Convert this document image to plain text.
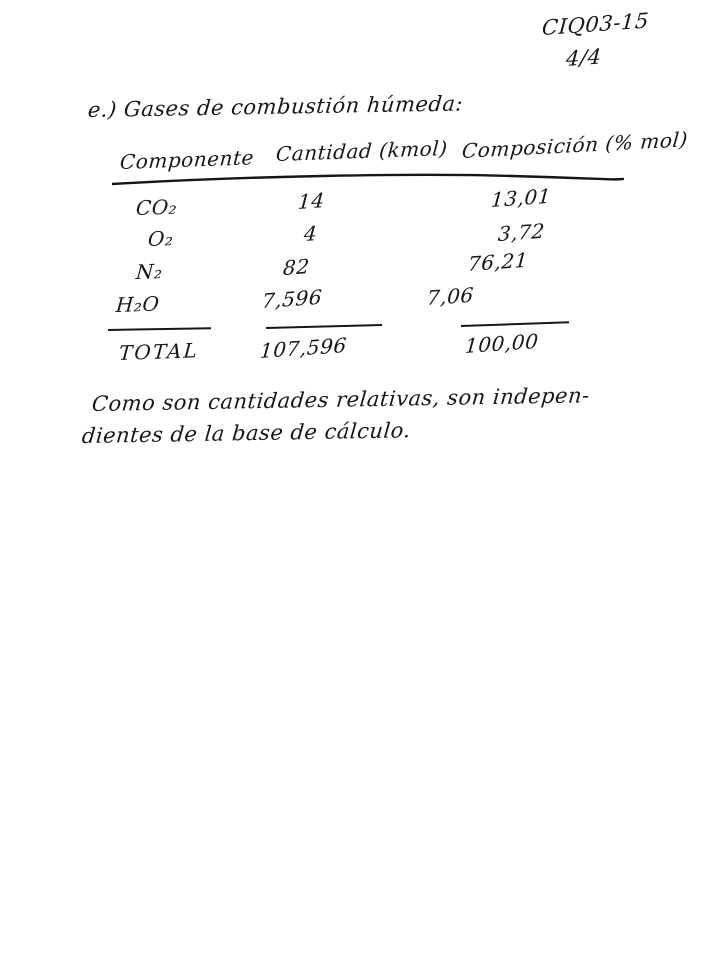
CIQ03-15
4/4
e.) Gases de combustión húmeda:
Componente Cantidad (kmol) Composición (% mol)
CO₂	14	13,01
O₂	4	3,72
N₂	82	76,21
H₂O	7,596	7,06
TOTAL	107,596	100,00
Como son cantidades relativas, son indepen-
dientes de la base de cálculo.
